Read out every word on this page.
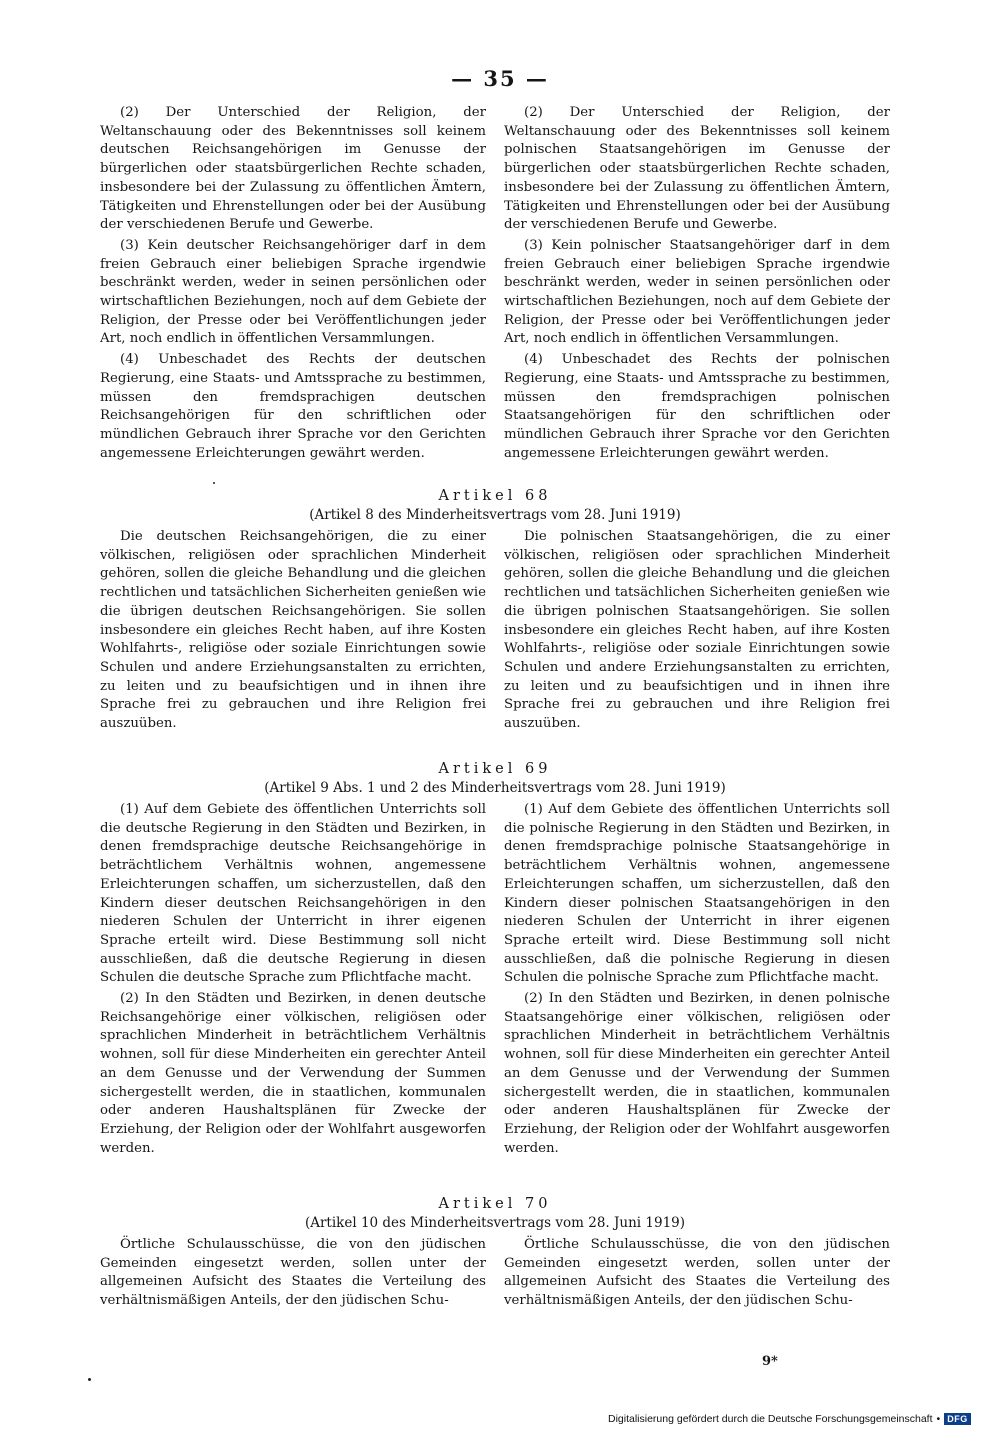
— 35 —

(2) Der Unterschied der Religion, der Weltanschauung oder des Bekenntnisses soll keinem deutschen Reichsangehörigen im Genusse der bürgerlichen oder staatsbürgerlichen Rechte schaden, insbesondere bei der Zulassung zu öffentlichen Ämtern, Tätigkeiten und Ehrenstellungen oder bei der Ausübung der verschiedenen Berufe und Gewerbe.

(3) Kein deutscher Reichsangehöriger darf in dem freien Gebrauch einer beliebigen Sprache irgendwie beschränkt werden, weder in seinen persönlichen oder wirtschaftlichen Beziehungen, noch auf dem Gebiete der Religion, der Presse oder bei Veröffentlichungen jeder Art, noch endlich in öffentlichen Versammlungen.

(4) Unbeschadet des Rechts der deutschen Regierung, eine Staats- und Amtssprache zu bestimmen, müssen den fremdsprachigen deutschen Reichsangehörigen für den schriftlichen oder mündlichen Gebrauch ihrer Sprache vor den Gerichten angemessene Erleichterungen gewährt werden.

(2) Der Unterschied der Religion, der Weltanschauung oder des Bekenntnisses soll keinem polnischen Staatsangehörigen im Genusse der bürgerlichen oder staatsbürgerlichen Rechte schaden, insbesondere bei der Zulassung zu öffentlichen Ämtern, Tätigkeiten und Ehrenstellungen oder bei der Ausübung der verschiedenen Berufe und Gewerbe.

(3) Kein polnischer Staatsangehöriger darf in dem freien Gebrauch einer beliebigen Sprache irgendwie beschränkt werden, weder in seinen persönlichen oder wirtschaftlichen Beziehungen, noch auf dem Gebiete der Religion, der Presse oder bei Veröffentlichungen jeder Art, noch endlich in öffentlichen Versammlungen.

(4) Unbeschadet des Rechts der polnischen Regierung, eine Staats- und Amtssprache zu bestimmen, müssen den fremdsprachigen polnischen Staatsangehörigen für den schriftlichen oder mündlichen Gebrauch ihrer Sprache vor den Gerichten angemessene Erleichterungen gewährt werden.

Artikel 68
(Artikel 8 des Minderheitsvertrags vom 28. Juni 1919)

Die deutschen Reichsangehörigen, die zu einer völkischen, religiösen oder sprachlichen Minderheit gehören, sollen die gleiche Behandlung und die gleichen rechtlichen und tatsächlichen Sicherheiten genießen wie die übrigen deutschen Reichsangehörigen. Sie sollen insbesondere ein gleiches Recht haben, auf ihre Kosten Wohlfahrts-, religiöse oder soziale Einrichtungen sowie Schulen und andere Erziehungsanstalten zu errichten, zu leiten und zu beaufsichtigen und in ihnen ihre Sprache frei zu gebrauchen und ihre Religion frei auszuüben.

Die polnischen Staatsangehörigen, die zu einer völkischen, religiösen oder sprachlichen Minderheit gehören, sollen die gleiche Behandlung und die gleichen rechtlichen und tatsächlichen Sicherheiten genießen wie die übrigen polnischen Staatsangehörigen. Sie sollen insbesondere ein gleiches Recht haben, auf ihre Kosten Wohlfahrts-, religiöse oder soziale Einrichtungen sowie Schulen und andere Erziehungsanstalten zu errichten, zu leiten und zu beaufsichtigen und in ihnen ihre Sprache frei zu gebrauchen und ihre Religion frei auszuüben.

Artikel 69
(Artikel 9 Abs. 1 und 2 des Minderheitsvertrags vom 28. Juni 1919)

(1) Auf dem Gebiete des öffentlichen Unterrichts soll die deutsche Regierung in den Städten und Bezirken, in denen fremdsprachige deutsche Reichsangehörige in beträchtlichem Verhältnis wohnen, angemessene Erleichterungen schaffen, um sicherzustellen, daß den Kindern dieser deutschen Reichsangehörigen in den niederen Schulen der Unterricht in ihrer eigenen Sprache erteilt wird. Diese Bestimmung soll nicht ausschließen, daß die deutsche Regierung in diesen Schulen die deutsche Sprache zum Pflichtfache macht.

(2) In den Städten und Bezirken, in denen deutsche Reichsangehörige einer völkischen, religiösen oder sprachlichen Minderheit in beträchtlichem Verhältnis wohnen, soll für diese Minderheiten ein gerechter Anteil an dem Genusse und der Verwendung der Summen sichergestellt werden, die in staatlichen, kommunalen oder anderen Haushaltsplänen für Zwecke der Erziehung, der Religion oder der Wohlfahrt ausgeworfen werden.

(1) Auf dem Gebiete des öffentlichen Unterrichts soll die polnische Regierung in den Städten und Bezirken, in denen fremdsprachige polnische Staatsangehörige in beträchtlichem Verhältnis wohnen, angemessene Erleichterungen schaffen, um sicherzustellen, daß den Kindern dieser polnischen Staatsangehörigen in den niederen Schulen der Unterricht in ihrer eigenen Sprache erteilt wird. Diese Bestimmung soll nicht ausschließen, daß die polnische Regierung in diesen Schulen die polnische Sprache zum Pflichtfache macht.

(2) In den Städten und Bezirken, in denen polnische Staatsangehörige einer völkischen, religiösen oder sprachlichen Minderheit in beträchtlichem Verhältnis wohnen, soll für diese Minderheiten ein gerechter Anteil an dem Genusse und der Verwendung der Summen sichergestellt werden, die in staatlichen, kommunalen oder anderen Haushaltsplänen für Zwecke der Erziehung, der Religion oder der Wohlfahrt ausgeworfen werden.

Artikel 70
(Artikel 10 des Minderheitsvertrags vom 28. Juni 1919)

Örtliche Schulausschüsse, die von den jüdischen Gemeinden eingesetzt werden, sollen unter der allgemeinen Aufsicht des Staates die Verteilung des verhältnismäßigen Anteils, der den jüdischen Schu-

Örtliche Schulausschüsse, die von den jüdischen Gemeinden eingesetzt werden, sollen unter der allgemeinen Aufsicht des Staates die Verteilung des verhältnismäßigen Anteils, der den jüdischen Schu-

9*
Digitalisierung gefördert durch die Deutsche Forschungsgemeinschaft • DFG
